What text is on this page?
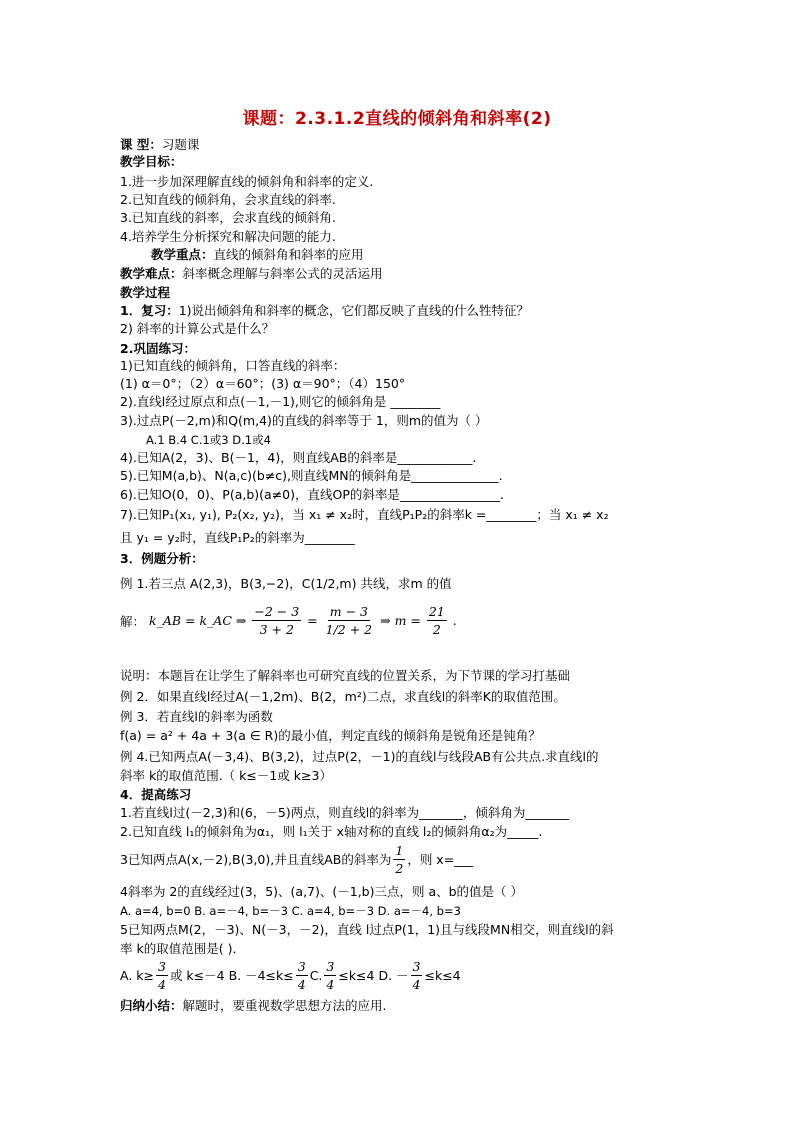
课题：2.3.1.2直线的倾斜角和斜率(2)
课 型：习题课
教学目标：
1.进一步加深理解直线的倾斜角和斜率的定义.
2.已知直线的倾斜角，会求直线的斜率.
3.已知直线的斜率，会求直线的倾斜角.
4.培养学生分析探究和解决问题的能力.
教学重点：直线的倾斜角和斜率的应用
教学难点：斜率概念理解与斜率公式的灵活运用
教学过程
1．复习：1)说出倾斜角和斜率的概念，它们都反映了直线的什么牲特征？
2) 斜率的计算公式是什么？
2.巩固练习：
1)已知直线的倾斜角，口答直线的斜率：
(1) α＝0°；（2）α＝60°；(3) α＝90°；（4）150°
2).直线l经过原点和点(－1,－1),则它的倾斜角是 ________
3).过点P(－2,m)和Q(m,4)的直线的斜率等于 1，则m的值为（ ）
A.1 B.4 C.1或3 D.1或4
4).已知A(2，3)、B(－1，4)，则直线AB的斜率是____________.
5).已知M(a,b)、N(a,c)(b≠c),则直线MN的倾斜角是______________.
6).已知O(0，0)、P(a,b)(a≠0)，直线OP的斜率是________________.
7).已知P₁(x₁, y₁), P₂(x₂, y₂)，当 x₁ ≠ x₂时，直线P₁P₂的斜率k =________；当 x₁ ≠ x₂
且 y₁ = y₂时，直线P₁P₂的斜率为________
3．例题分析：
例 1.若三点 A(2,3)，B(3,−2)，C(1/2,m) 共线，求m 的值
解： k_AB = k_AC ⇒ $\frac{-2 - 3}{3 + 2} = \frac{m - 3}{1/2 + 2}$ ⇒ $m = \frac{21}{2}$ .
说明：本题旨在让学生了解斜率也可研究直线的位置关系，为下节课的学习打基础
例 2．如果直线l经过A(－1,2m)、B(2，m²)二点，求直线l的斜率K的取值范围。
例 3．若直线l的斜率为函数
f(a) = a² + 4a + 3(a ∈ R)的最小值，判定直线的倾斜角是锐角还是钝角？
例 4.已知两点A(－3,4)、B(3,2)，过点P(2，－1)的直线l与线段AB有公共点.求直线l的
斜率 k的取值范围.（ k≤－1或 k≥3）
4．提高练习
1.若直线l过(－2,3)和(6，－5)两点，则直线l的斜率为_______，倾斜角为_______
2.已知直线 l₁的倾斜角为α₁，则 l₁关于 x轴对称的直线 l₂的倾斜角α₂为_____.
3已知两点A(x,－2),B(3,0),并且直线AB的斜率为 $\frac{1}{2}$ ，则 x=___
4斜率为 2的直线经过(3，5)、(a,7)、(－1,b)三点，则 a、b的值是（ ）
A. a=4, b=0 B. a=－4, b=－3 C. a=4, b=－3 D. a=－4, b=3
5已知两点M(2，－3)、N(－3，－2)，直线 l过点P(1，1)且与线段MN相交，则直线l的斜
率 k的取值范围是( )．
A. $k\ge \frac{3}{4}$ 或 k≤－4 B. $-4\le k\le \frac{3}{4} C$. $\frac{3}{4} \le k\le 4$ D. － $\frac{3}{4} \le k\le 4$
归纳小结：解题时，要重视数学思想方法的应用.
